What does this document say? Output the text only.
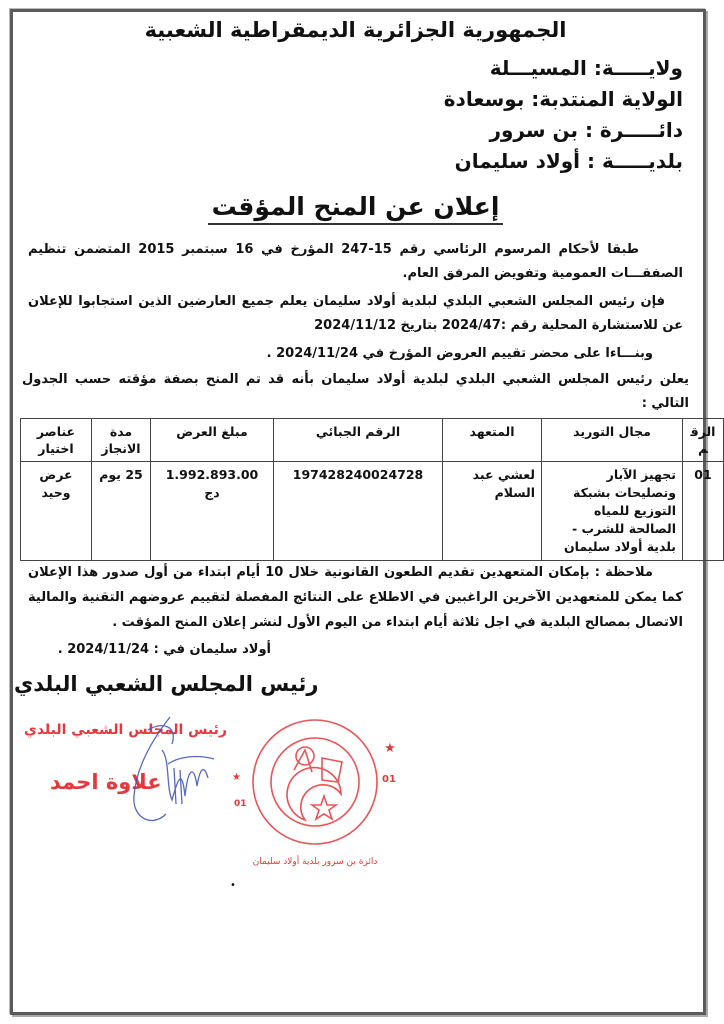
الجمهورية الجزائرية الديمقراطية الشعبية
ولايـــــة: المسيـــلة
الولاية المنتدبة: بوسعادة
دائـــــرة : بن سرور
بلديـــــة : أولاد سليمان
إعلان عن المنح المؤقت
طبقا لأحكام المرسوم الرئاسي رقم 15-247 المؤرخ في 16 سبتمبر 2015 المتضمن تنظيم الصفقـــات العمومية وتفويض المرفق العام.
فإن رئيس المجلس الشعبي البلدي لبلدية أولاد سليمان يعلم جميع العارضين الذين استجابوا للإعلان عن للاستشارة المحلية رقم :2024/47 بتاريخ 2024/11/12
وبنـــاءا على محضر تقييم العروض المؤرخ في 2024/11/24 .
يعلن رئيس المجلس الشعبي البلدي لبلدية أولاد سليمان بأنه قد تم المنح بصفة مؤقته حسب الجدول التالي :
الرقم	مجال التوريد	المتعهد	الرقم الجبائي	مبلغ العرض	مدة الانجاز	عناصر اختيار
01	تجهيز الآبار وتصليحات بشبكة التوزيع للمياه الصالحة للشرب - بلدية أولاد سليمان	لعشي عبد السلام	197428240024728	1.992.893.00 دج	25 يوم	عرض وحيد
ملاحظة : بإمكان المتعهدين تقديم الطعون القانونية خلال 10 أيام ابتداء من أول صدور هذا الإعلان كما يمكن للمتعهدين الآخرين الراغبين في الاطلاع على النتائج المفصلة لتقييم عروضهم التقنية والمالية الاتصال بمصالح البلدية في اجل ثلاثة أيام ابتداء من اليوم الأول لنشر إعلان المنح المؤقت .
أولاد سليمان في : 2024/11/24 .
رئيس المجلس الشعبي البلدي
رئيس المجلس الشعبي البلدي
علاوة احمد	01
01
★
★
دائرة بن سرور بلدية أولاد سليمان
•
